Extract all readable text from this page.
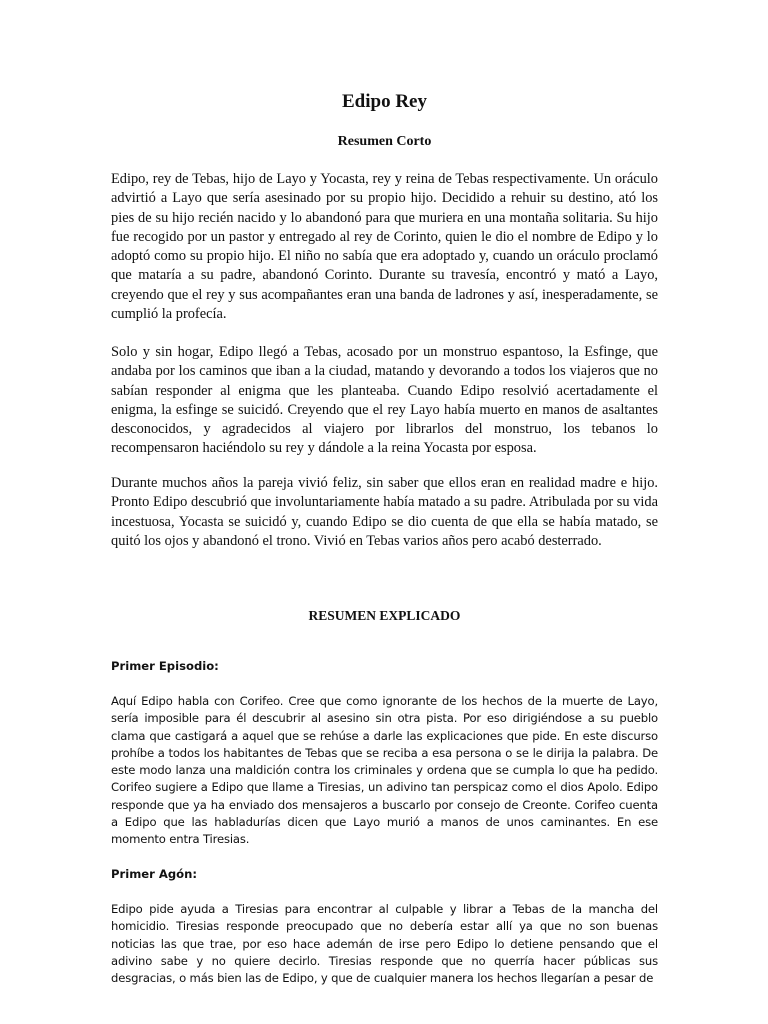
Edipo Rey
Resumen Corto

Edipo, rey de Tebas, hijo de Layo y Yocasta, rey y reina de Tebas respectivamente. Un oráculo advirtió a Layo que sería asesinado por su propio hijo. Decidido a rehuir su destino, ató los pies de su hijo recién nacido y lo abandonó para que muriera en una montaña solitaria. Su hijo fue recogido por un pastor y entregado al rey de Corinto, quien le dio el nombre de Edipo y lo adoptó como su propio hijo. El niño no sabía que era adoptado y, cuando un oráculo proclamó que mataría a su padre, abandonó Corinto. Durante su travesía, encontró y mató a Layo, creyendo que el rey y sus acompañantes eran una banda de ladrones y así, inesperadamente, se cumplió la profecía.

Solo y sin hogar, Edipo llegó a Tebas, acosado por un monstruo espantoso, la Esfinge, que andaba por los caminos que iban a la ciudad, matando y devorando a todos los viajeros que no sabían responder al enigma que les planteaba. Cuando Edipo resolvió acertadamente el enigma, la esfinge se suicidó. Creyendo que el rey Layo había muerto en manos de asaltantes desconocidos, y agradecidos al viajero por librarlos del monstruo, los tebanos lo recompensaron haciéndolo su rey y dándole a la reina Yocasta por esposa.

Durante muchos años la pareja vivió feliz, sin saber que ellos eran en realidad madre e hijo. Pronto Edipo descubrió que involuntariamente había matado a su padre. Atribulada por su vida incestuosa, Yocasta se suicidó y, cuando Edipo se dio cuenta de que ella se había matado, se quitó los ojos y abandonó el trono. Vivió en Tebas varios años pero acabó desterrado.

RESUMEN EXPLICADO
Primer Episodio:

Aquí Edipo habla con Corifeo. Cree que como ignorante de los hechos de la muerte de Layo, sería imposible para él descubrir al asesino sin otra pista. Por eso dirigiéndose a su pueblo clama que castigará a aquel que se rehúse a darle las explicaciones que pide. En este discurso prohíbe a todos los habitantes de Tebas que se reciba a esa persona o se le dirija la palabra. De este modo lanza una maldición contra los criminales y ordena que se cumpla lo que ha pedido. Corifeo sugiere a Edipo que llame a Tiresias, un adivino tan perspicaz como el dios Apolo. Edipo responde que ya ha enviado dos mensajeros a buscarlo por consejo de Creonte. Corifeo cuenta a Edipo que las habladurías dicen que Layo murió a manos de unos caminantes. En ese momento entra Tiresias.

Primer Agón:

Edipo pide ayuda a Tiresias para encontrar al culpable y librar a Tebas de la mancha del homicidio. Tiresias responde preocupado que no debería estar allí ya que no son buenas noticias las que trae, por eso hace ademán de irse pero Edipo lo detiene pensando que el adivino sabe y no quiere decirlo. Tiresias responde que no querría hacer públicas sus desgracias, o más bien las de Edipo, y que de cualquier manera los hechos llegarían a pesar de
